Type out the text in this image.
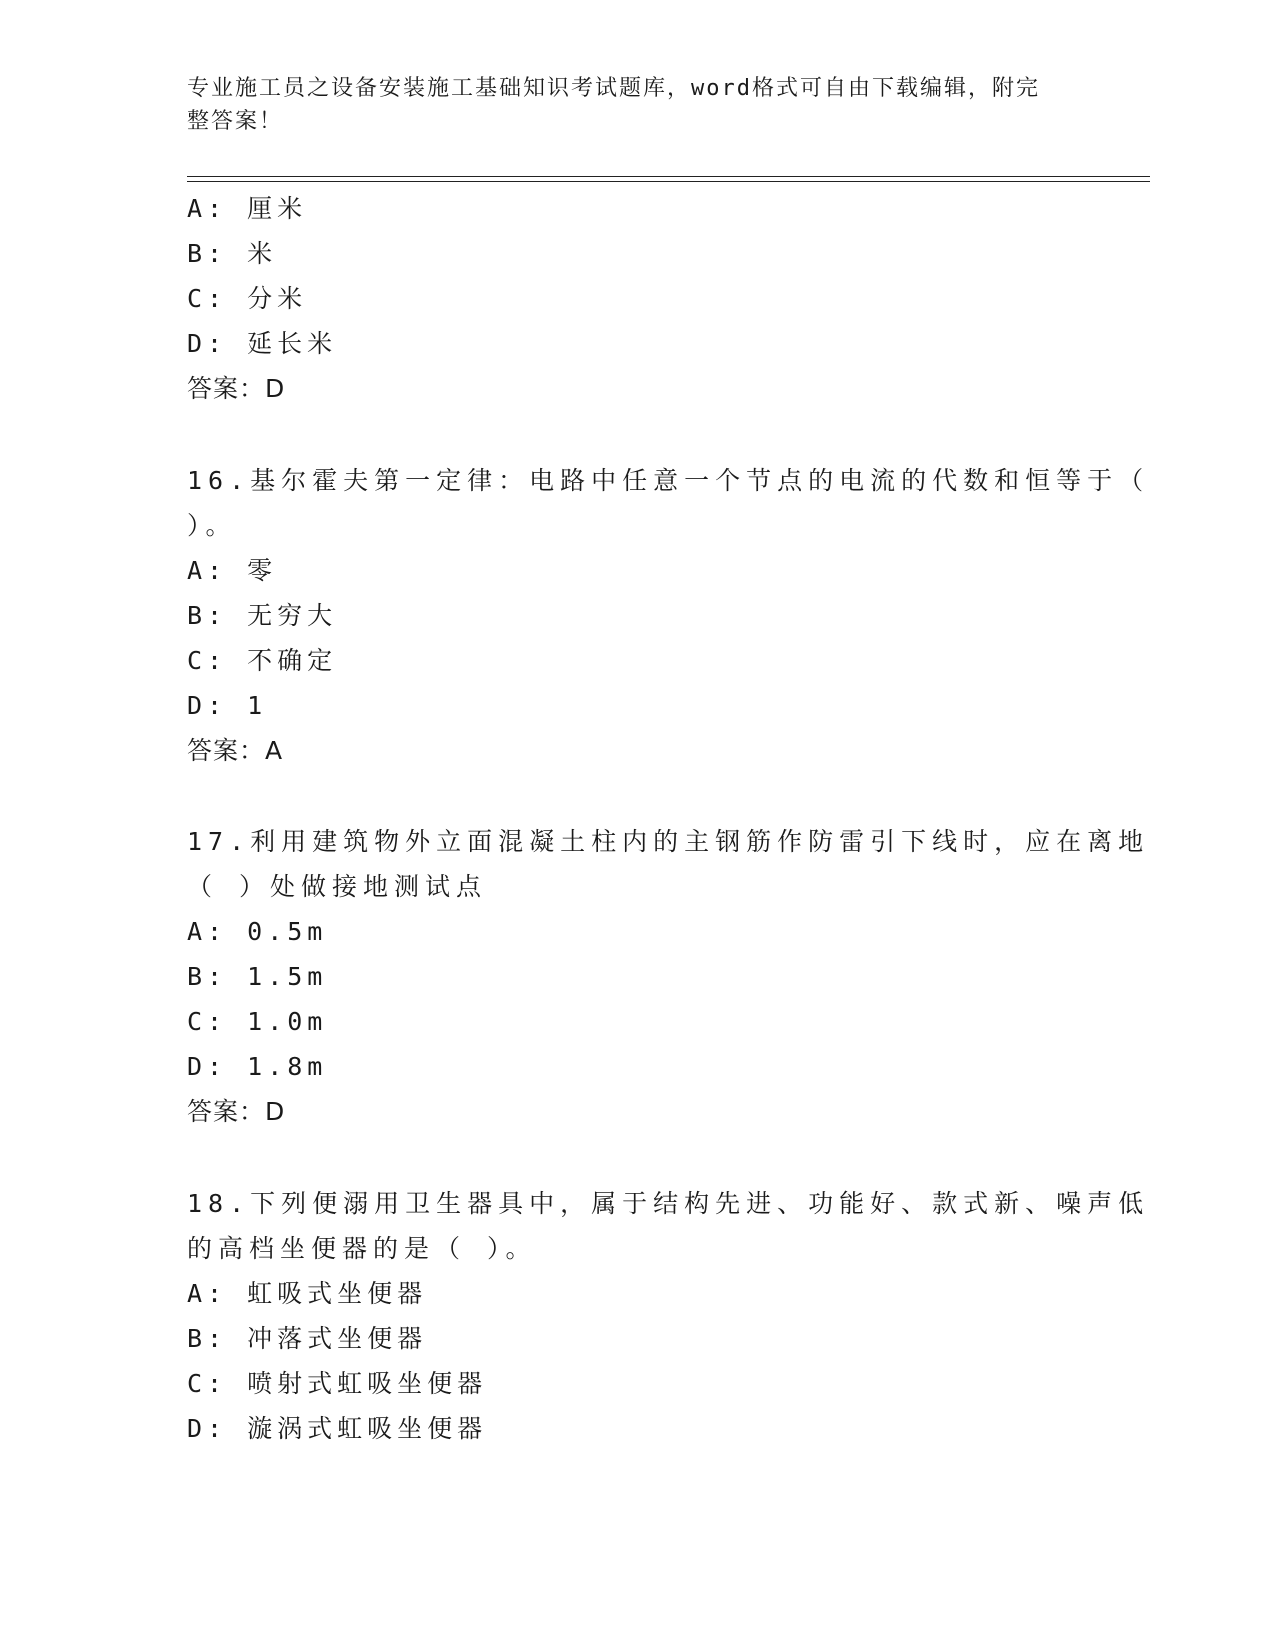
专业施工员之设备安装施工基础知识考试题库，word格式可自由下载编辑，附完
整答案！
A: 厘米
B: 米
C: 分米
D: 延长米
答案：D
16.基尔霍夫第一定律：电路中任意一个节点的电流的代数和恒等于（
）。
A: 零
B: 无穷大
C: 不确定
D: 1
答案：A
17.利用建筑物外立面混凝土柱内的主钢筋作防雷引下线时，应在离地
（ ）处做接地测试点
A: 0.5m
B: 1.5m
C: 1.0m
D: 1.8m
答案：D
18.下列便溺用卫生器具中，属于结构先进、功能好、款式新、噪声低
的高档坐便器的是（ ）。
A: 虹吸式坐便器
B: 冲落式坐便器
C: 喷射式虹吸坐便器
D: 漩涡式虹吸坐便器
